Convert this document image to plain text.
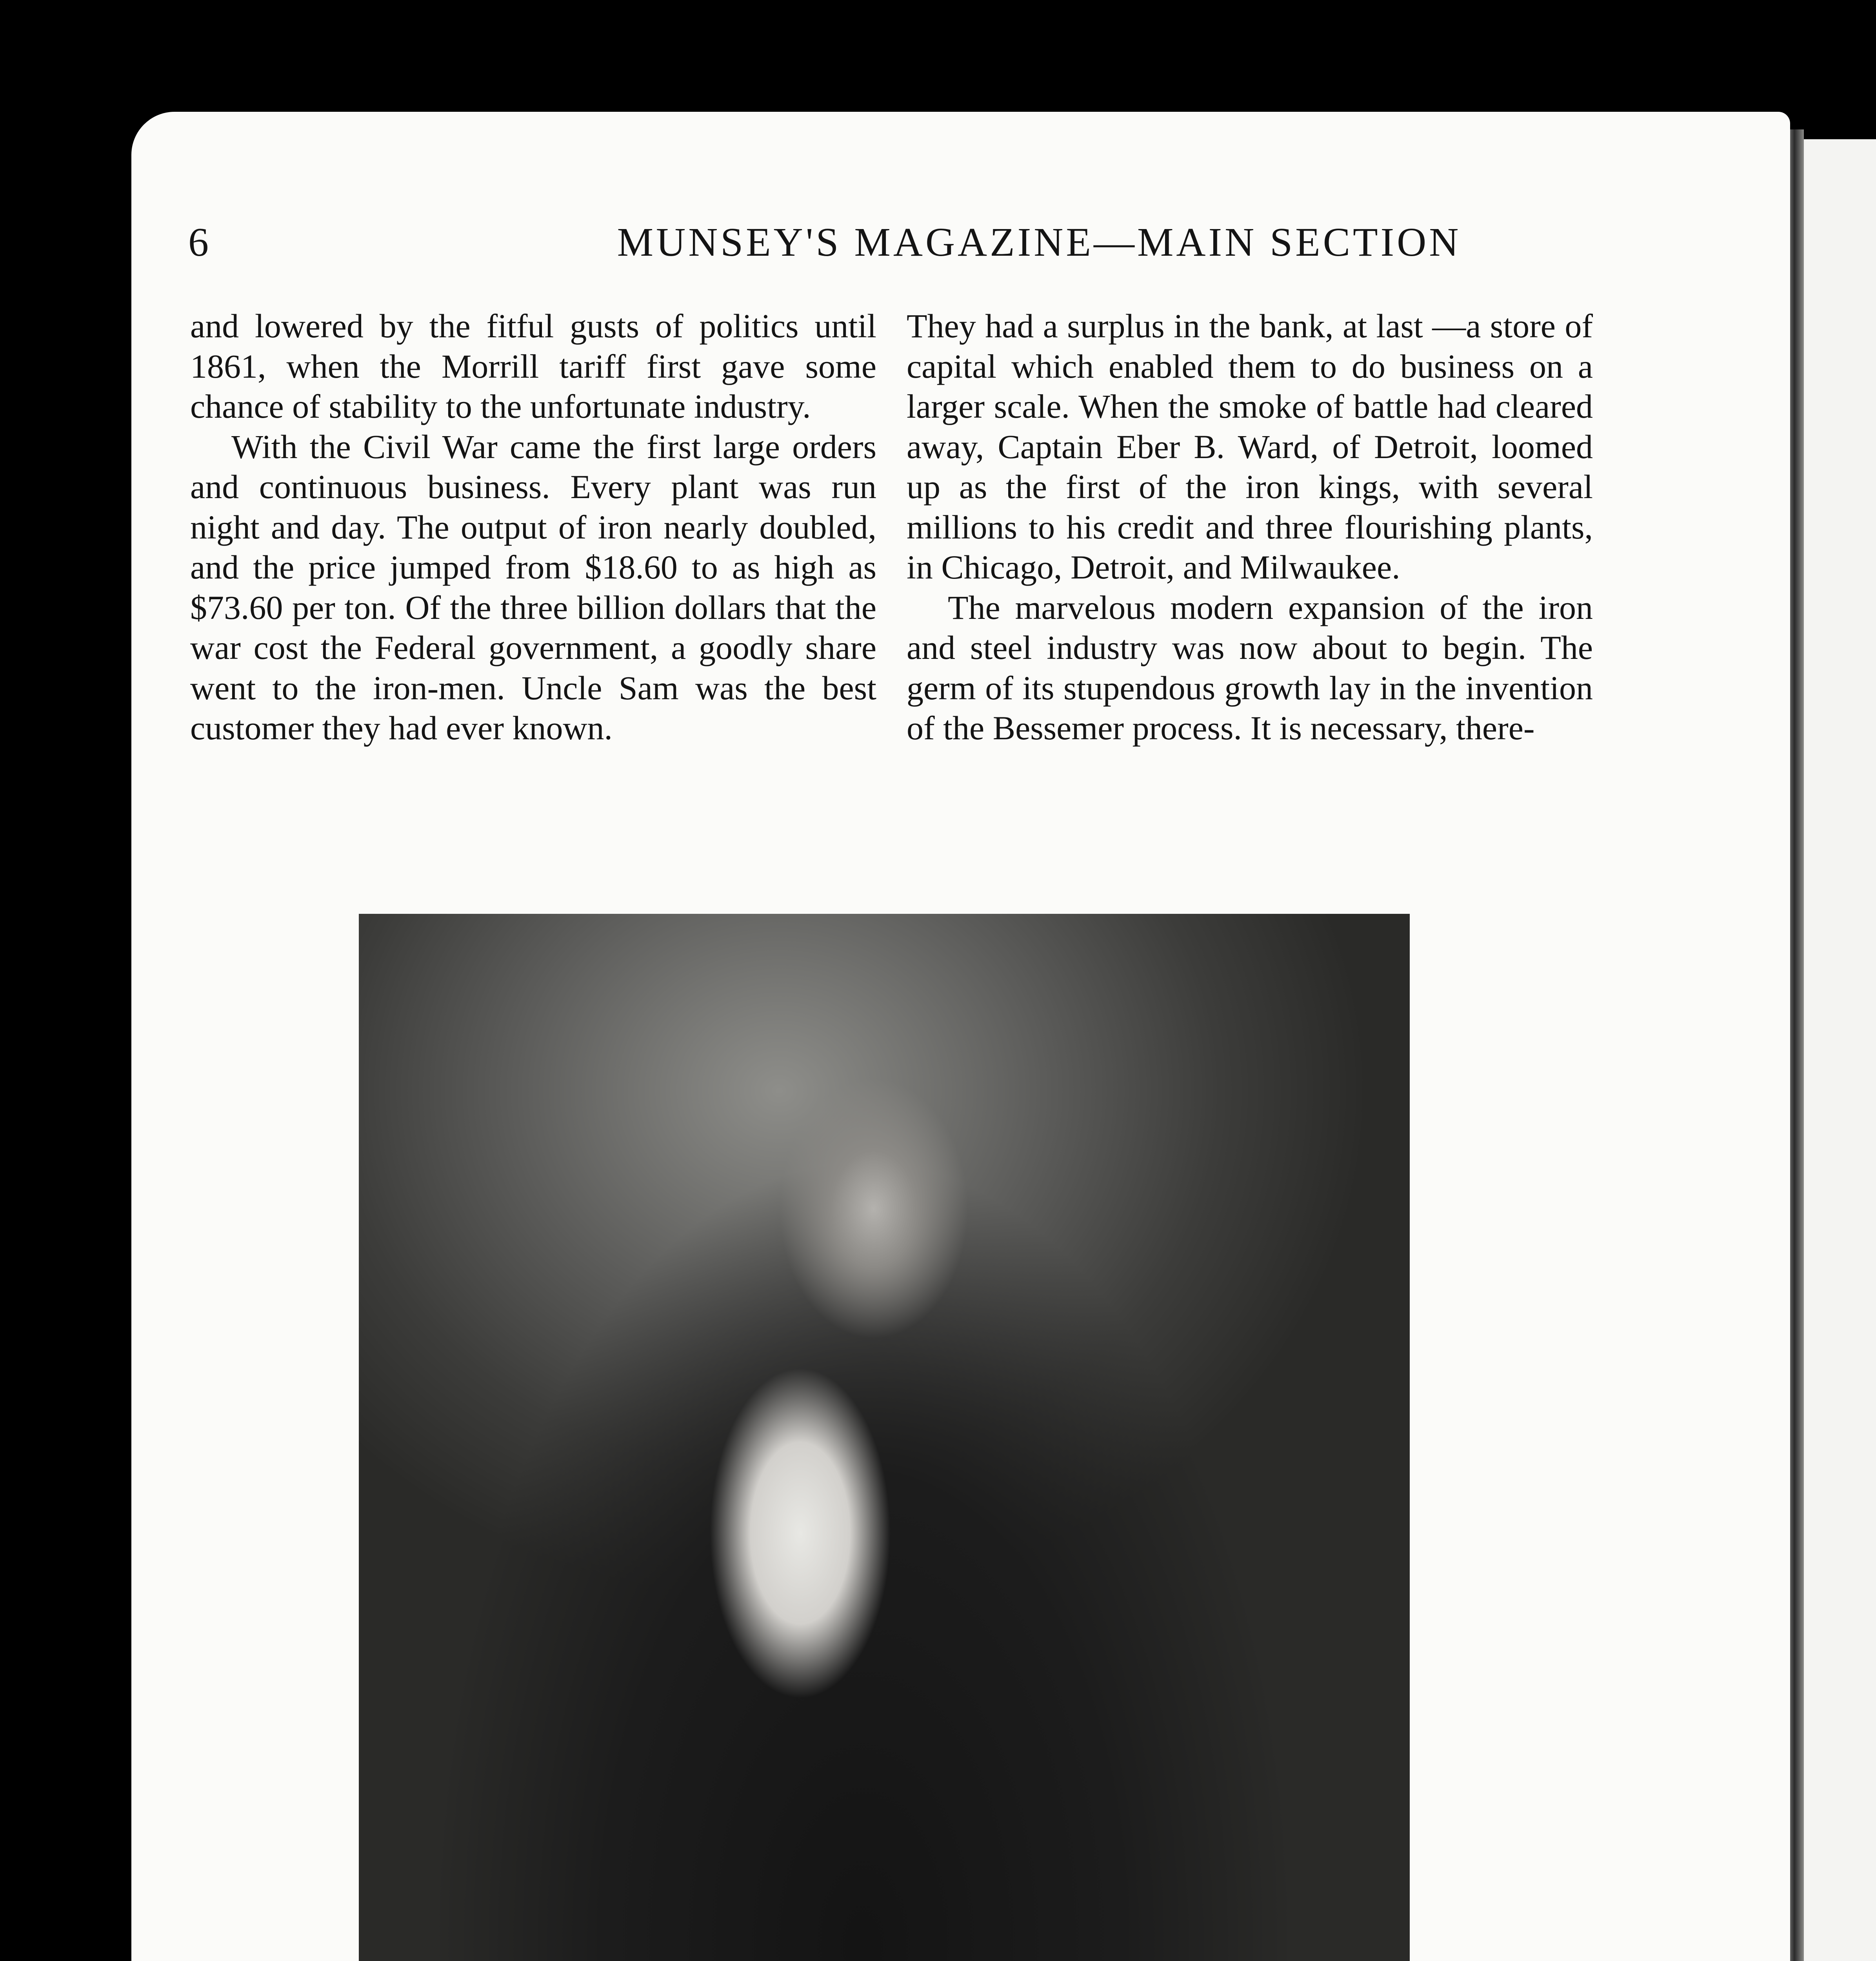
6	MUNSEY'S MAGAZINE—MAIN SECTION

and lowered by the fitful gusts of politics until 1861, when the Morrill tariff first gave some chance of stability to the unfortunate industry.

With the Civil War came the first large orders and continuous business. Every plant was run night and day. The output of iron nearly doubled, and the price jumped from $18.60 to as high as $73.60 per ton. Of the three billion dollars that the war cost the Federal government, a goodly share went to the iron-men. Uncle Sam was the best customer they had ever known.

They had a surplus in the bank, at last —a store of capital which enabled them to do business on a larger scale. When the smoke of battle had cleared away, Captain Eber B. Ward, of Detroit, loomed up as the first of the iron kings, with several millions to his credit and three flourishing plants, in Chicago, Detroit, and Milwaukee.

The marvelous modern expansion of the iron and steel industry was now about to begin. The germ of its stupendous growth lay in the invention of the Bessemer process. It is necessary, there-
